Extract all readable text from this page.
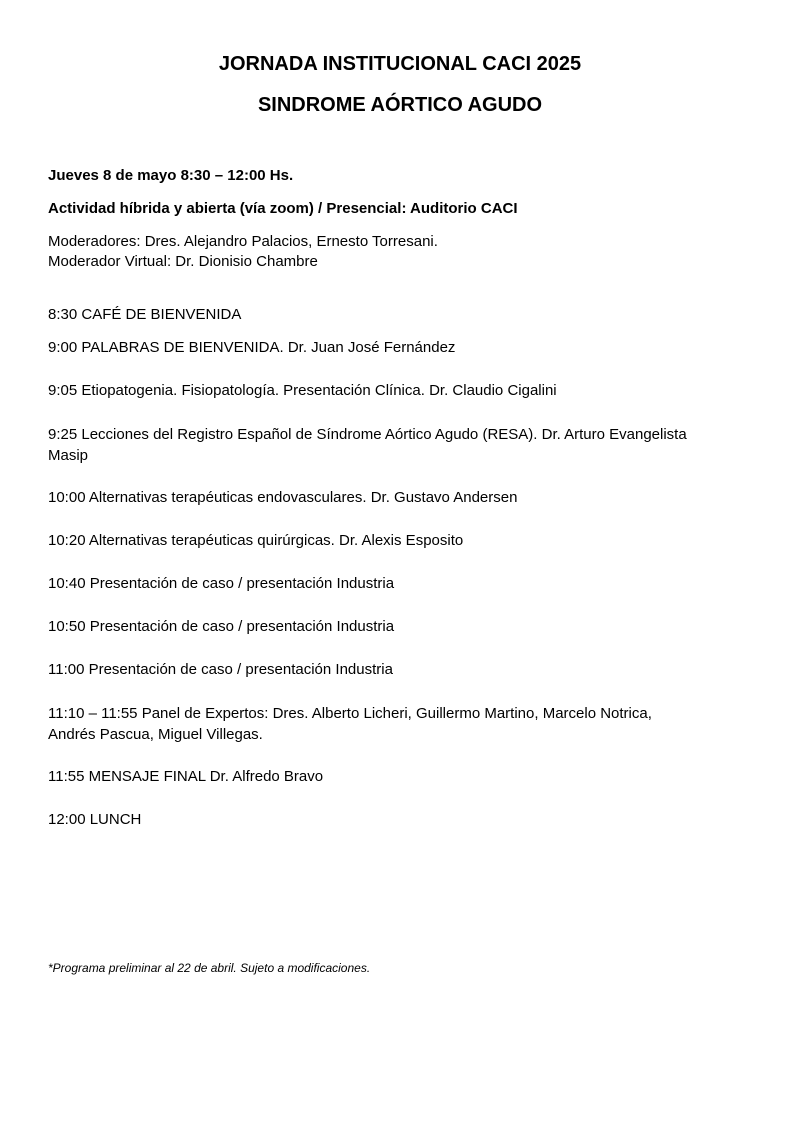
JORNADA INSTITUCIONAL CACI 2025
SINDROME AÓRTICO AGUDO

Jueves 8 de mayo 8:30 – 12:00 Hs.

Actividad híbrida y abierta (vía zoom) / Presencial: Auditorio CACI

Moderadores: Dres. Alejandro Palacios, Ernesto Torresani.

Moderador Virtual: Dr. Dionisio Chambre

8:30 CAFÉ DE BIENVENIDA

9:00 PALABRAS DE BIENVENIDA. Dr. Juan José Fernández

9:05 Etiopatogenia. Fisiopatología. Presentación Clínica. Dr. Claudio Cigalini

9:25 Lecciones del Registro Español de Síndrome Aórtico Agudo (RESA). Dr. Arturo Evangelista

Masip

10:00 Alternativas terapéuticas endovasculares. Dr. Gustavo Andersen

10:20 Alternativas terapéuticas quirúrgicas. Dr. Alexis Esposito

10:40 Presentación de caso / presentación Industria

10:50 Presentación de caso / presentación Industria

11:00 Presentación de caso / presentación Industria

11:10 – 11:55 Panel de Expertos: Dres. Alberto Licheri, Guillermo Martino, Marcelo Notrica,

Andrés Pascua, Miguel Villegas.

11:55 MENSAJE FINAL Dr. Alfredo Bravo

12:00 LUNCH

*Programa preliminar al 22 de abril. Sujeto a modificaciones.
